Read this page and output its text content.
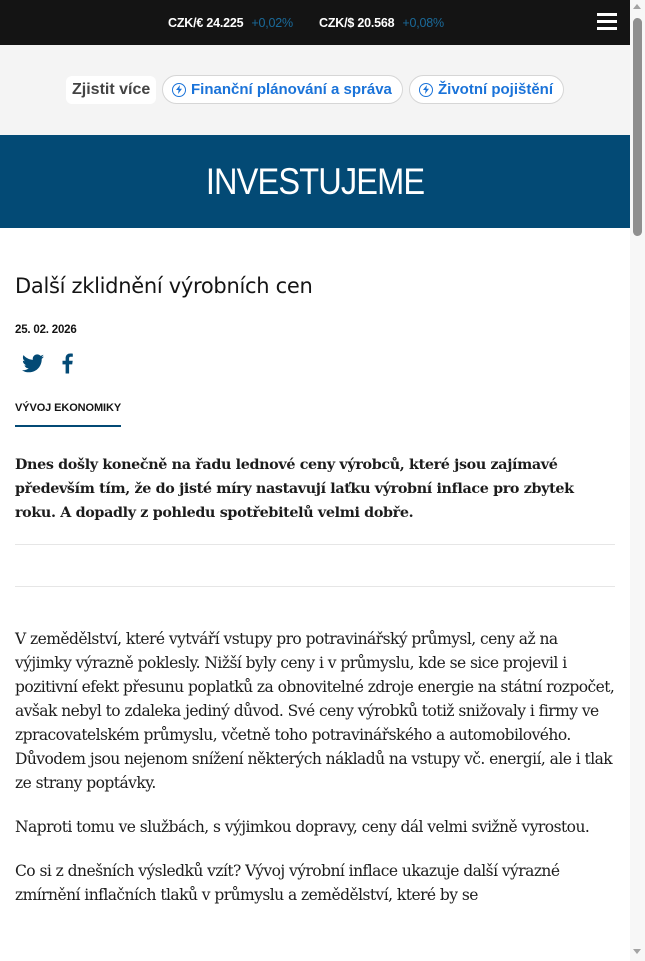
CZK/€ 24.225 +0,02% CZK/$ 20.568 +0,08%
Zjistit více	Finanční plánování a správa	Životní pojištění
INVESTUJEME
Další zklidnění výrobních cen
25. 02. 2026
VÝVOJ EKONOMIKY

Dnes došly konečně na řadu lednové ceny výrobců, které jsou zajímavé především tím, že do jisté míry nastavují laťku výrobní inflace pro zbytek roku. A dopadly z pohledu spotřebitelů velmi dobře.

V zemědělství, které vytváří vstupy pro potravinářský průmysl, ceny až na výjimky výrazně poklesly. Nižší byly ceny i v průmyslu, kde se sice projevil i pozitivní efekt přesunu poplatků za obnovitelné zdroje energie na státní rozpočet, avšak nebyl to zdaleka jediný důvod. Své ceny výrobků totiž snižovaly i firmy ve zpracovatelském průmyslu, včetně toho potravinářského a automobilového. Důvodem jsou nejenom snížení některých nákladů na vstupy vč. energií, ale i tlak ze strany poptávky.

Naproti tomu ve službách, s výjimkou dopravy, ceny dál velmi svižně vyrostou.

Co si z dnešních výsledků vzít? Vývoj výrobní inflace ukazuje další výrazné zmírnění inflačních tlaků v průmyslu a zemědělství, které by se
